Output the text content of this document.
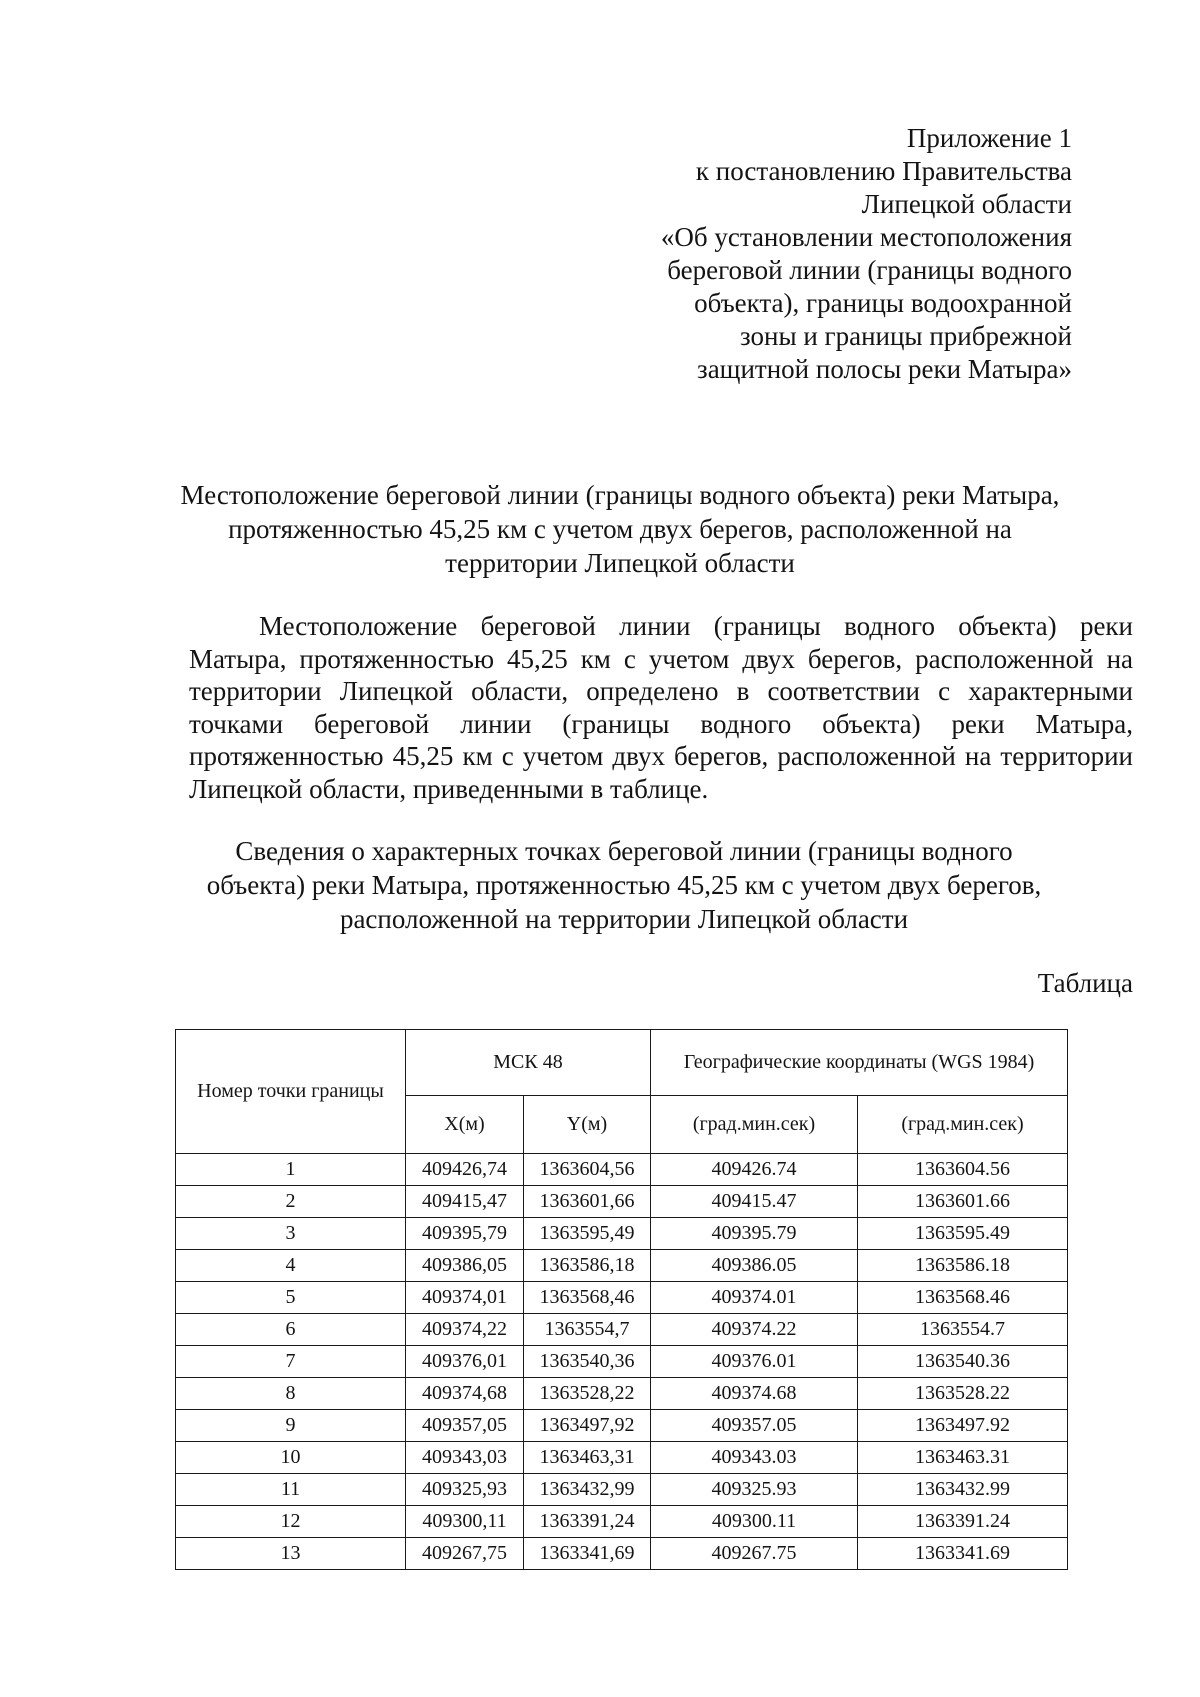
Приложение 1
к постановлению Правительства
Липецкой области
«Об установлении местоположения
береговой линии (границы водного
объекта), границы водоохранной
зоны и границы прибрежной
защитной полосы реки Матыра»
Местоположение береговой линии (границы водного объекта) реки Матыра,
протяженностью 45,25 км с учетом двух берегов, расположенной на
территории Липецкой области

Местоположение береговой линии (границы водного объекта) реки Матыра, протяженностью 45,25 км с учетом двух берегов, расположенной на территории Липецкой области, определено в соответствии с характерными точками береговой линии (границы водного объекта) реки Матыра, протяженностью 45,25 км с учетом двух берегов, расположенной на территории Липецкой области, приведенными в таблице.

Сведения о характерных точках береговой линии (границы водного
объекта) реки Матыра, протяженностью 45,25 км с учетом двух берегов,
расположенной на территории Липецкой области
Таблица
Номер точки границы	МСК 48		Географические координаты (WGS 1984)	
	X(м)	Y(м)	(град.мин.сек)	(град.мин.сек)
1	409426,74	1363604,56	409426.74	1363604.56
2	409415,47	1363601,66	409415.47	1363601.66
3	409395,79	1363595,49	409395.79	1363595.49
4	409386,05	1363586,18	409386.05	1363586.18
5	409374,01	1363568,46	409374.01	1363568.46
6	409374,22	1363554,7	409374.22	1363554.7
7	409376,01	1363540,36	409376.01	1363540.36
8	409374,68	1363528,22	409374.68	1363528.22
9	409357,05	1363497,92	409357.05	1363497.92
10	409343,03	1363463,31	409343.03	1363463.31
11	409325,93	1363432,99	409325.93	1363432.99
12	409300,11	1363391,24	409300.11	1363391.24
13	409267,75	1363341,69	409267.75	1363341.69
